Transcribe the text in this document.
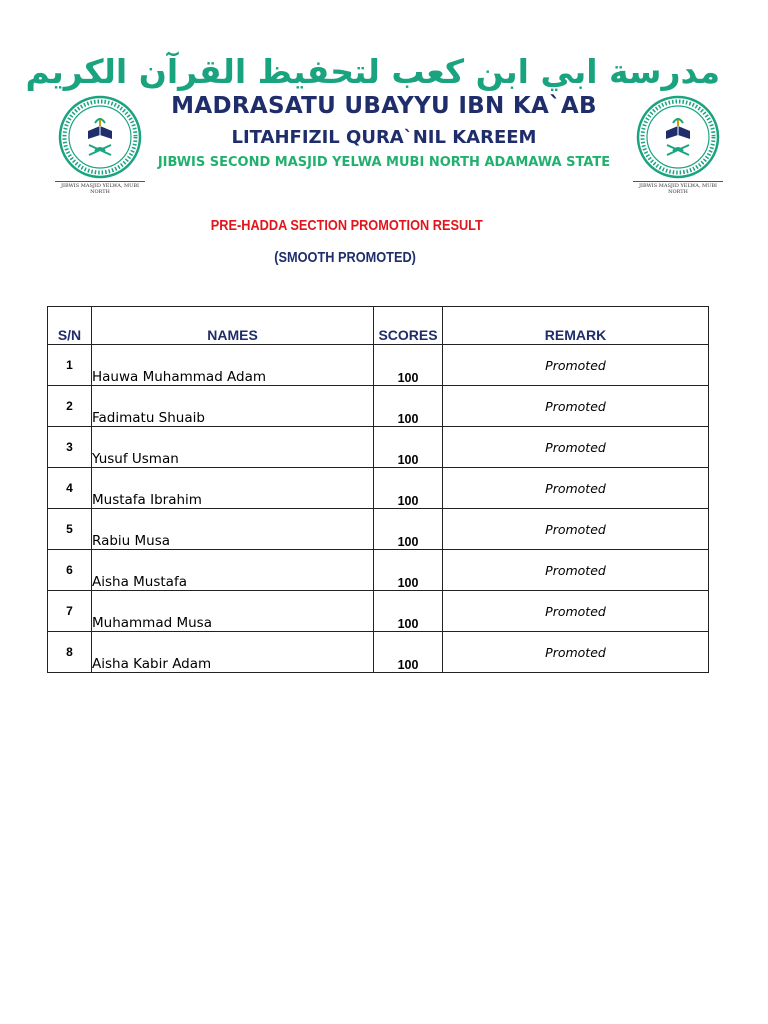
JIBWIS MASJID YELWA, MUBI NORTH
JIBWIS MASJID YELWA, MUBI NORTH
مدرسة ابي ابن كعب لتحفيظ القرآن الكريم
MADRASATU UBAYYU IBN KA`AB
LITAHFIZIL QURA`NIL KAREEM
JIBWIS SECOND MASJID YELWA MUBI NORTH ADAMAWA STATE
PRE-HADDA SECTION PROMOTION RESULT
(SMOOTH PROMOTED)
S/N	NAMES	SCORES	REMARK
1	Hauwa Muhammad Adam	100	Promoted
2	Fadimatu Shuaib	100	Promoted
3	Yusuf Usman	100	Promoted
4	Mustafa Ibrahim	100	Promoted
5	Rabiu Musa	100	Promoted
6	Aisha Mustafa	100	Promoted
7	Muhammad Musa	100	Promoted
8	Aisha Kabir Adam	100	Promoted
